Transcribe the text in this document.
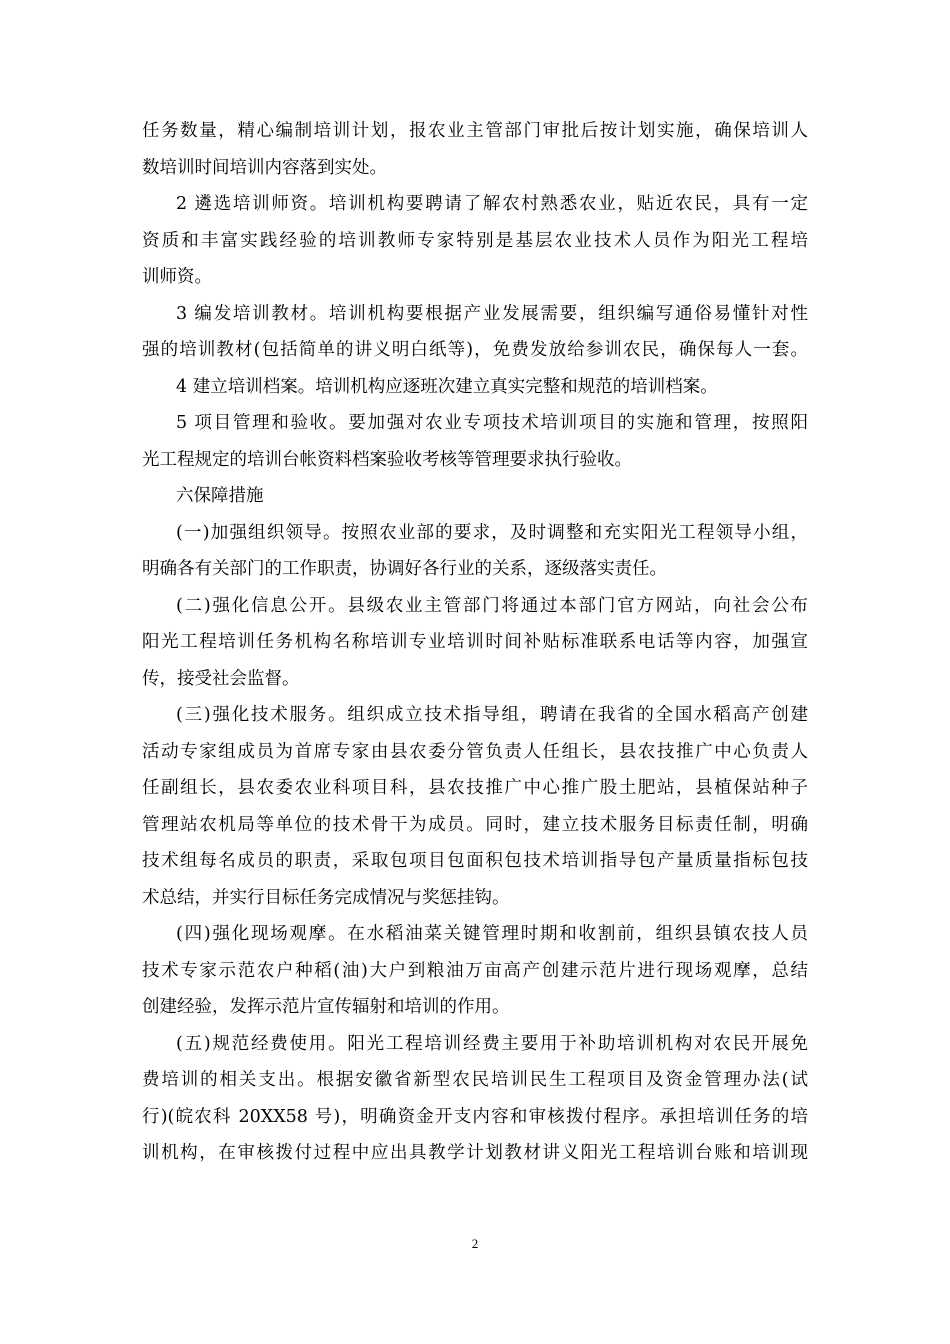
任务数量，精心编制培训计划，报农业主管部门审批后按计划实施，确保培训人
数培训时间培训内容落到实处。
2 遴选培训师资。培训机构要聘请了解农村熟悉农业，贴近农民，具有一定
资质和丰富实践经验的培训教师专家特别是基层农业技术人员作为阳光工程培
训师资。
3 编发培训教材。培训机构要根据产业发展需要，组织编写通俗易懂针对性
强的培训教材(包括简单的讲义明白纸等)，免费发放给参训农民，确保每人一套。
4 建立培训档案。培训机构应逐班次建立真实完整和规范的培训档案。
5 项目管理和验收。要加强对农业专项技术培训项目的实施和管理，按照阳
光工程规定的培训台帐资料档案验收考核等管理要求执行验收。
六保障措施
(一)加强组织领导。按照农业部的要求，及时调整和充实阳光工程领导小组，
明确各有关部门的工作职责，协调好各行业的关系，逐级落实责任。
(二)强化信息公开。县级农业主管部门将通过本部门官方网站，向社会公布
阳光工程培训任务机构名称培训专业培训时间补贴标准联系电话等内容，加强宣
传，接受社会监督。
(三)强化技术服务。组织成立技术指导组，聘请在我省的全国水稻高产创建
活动专家组成员为首席专家由县农委分管负责人任组长，县农技推广中心负责人
任副组长，县农委农业科项目科，县农技推广中心推广股土肥站，县植保站种子
管理站农机局等单位的技术骨干为成员。同时，建立技术服务目标责任制，明确
技术组每名成员的职责，采取包项目包面积包技术培训指导包产量质量指标包技
术总结，并实行目标任务完成情况与奖惩挂钩。
(四)强化现场观摩。在水稻油菜关键管理时期和收割前，组织县镇农技人员
技术专家示范农户种稻(油)大户到粮油万亩高产创建示范片进行现场观摩，总结
创建经验，发挥示范片宣传辐射和培训的作用。
(五)规范经费使用。阳光工程培训经费主要用于补助培训机构对农民开展免
费培训的相关支出。根据安徽省新型农民培训民生工程项目及资金管理办法(试
行)(皖农科 20XX58 号)，明确资金开支内容和审核拨付程序。承担培训任务的培
训机构，在审核拨付过程中应出具教学计划教材讲义阳光工程培训台账和培训现
2
